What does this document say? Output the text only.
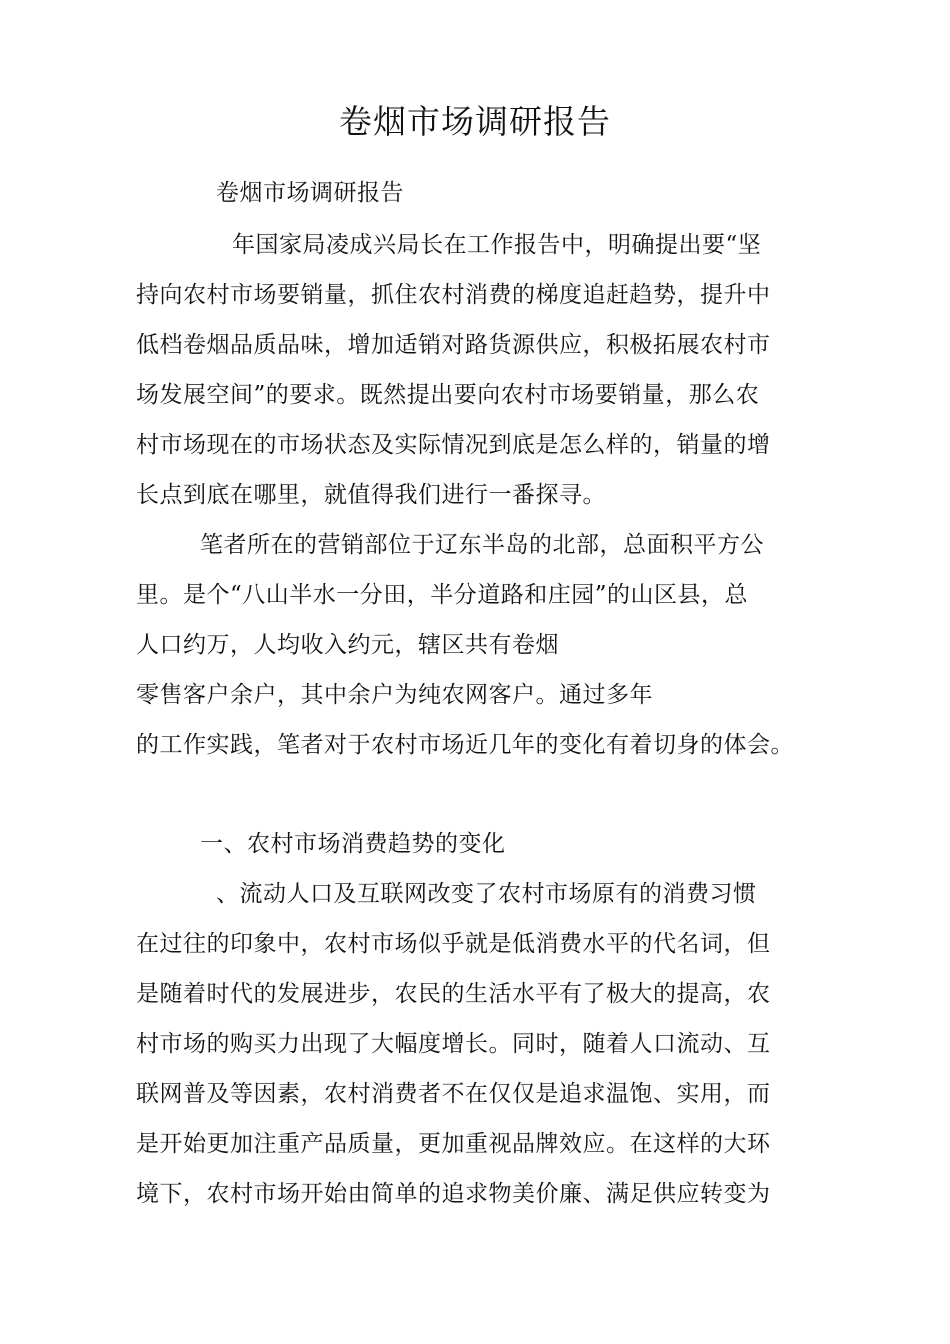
卷烟市场调研报告
卷烟市场调研报告
年国家局凌成兴局长在工作报告中，明确提出要“坚
持向农村市场要销量，抓住农村消费的梯度追赶趋势，提升中
低档卷烟品质品味，增加适销对路货源供应，积极拓展农村市
场发展空间”的要求。既然提出要向农村市场要销量，那么农
村市场现在的市场状态及实际情况到底是怎么样的，销量的增
长点到底在哪里，就值得我们进行一番探寻。
笔者所在的营销部位于辽东半岛的北部，总面积平方公
里。是个“八山半水一分田，半分道路和庄园”的山区县，总
人口约万，人均收入约元，辖区共有卷烟
零售客户余户，其中余户为纯农网客户。通过多年
的工作实践，笔者对于农村市场近几年的变化有着切身的体会。
一、农村市场消费趋势的变化
、流动人口及互联网改变了农村市场原有的消费习惯
在过往的印象中，农村市场似乎就是低消费水平的代名词，但
是随着时代的发展进步，农民的生活水平有了极大的提高，农
村市场的购买力出现了大幅度增长。同时，随着人口流动、互
联网普及等因素，农村消费者不在仅仅是追求温饱、实用，而
是开始更加注重产品质量，更加重视品牌效应。在这样的大环
境下，农村市场开始由简单的追求物美价廉、满足供应转变为
